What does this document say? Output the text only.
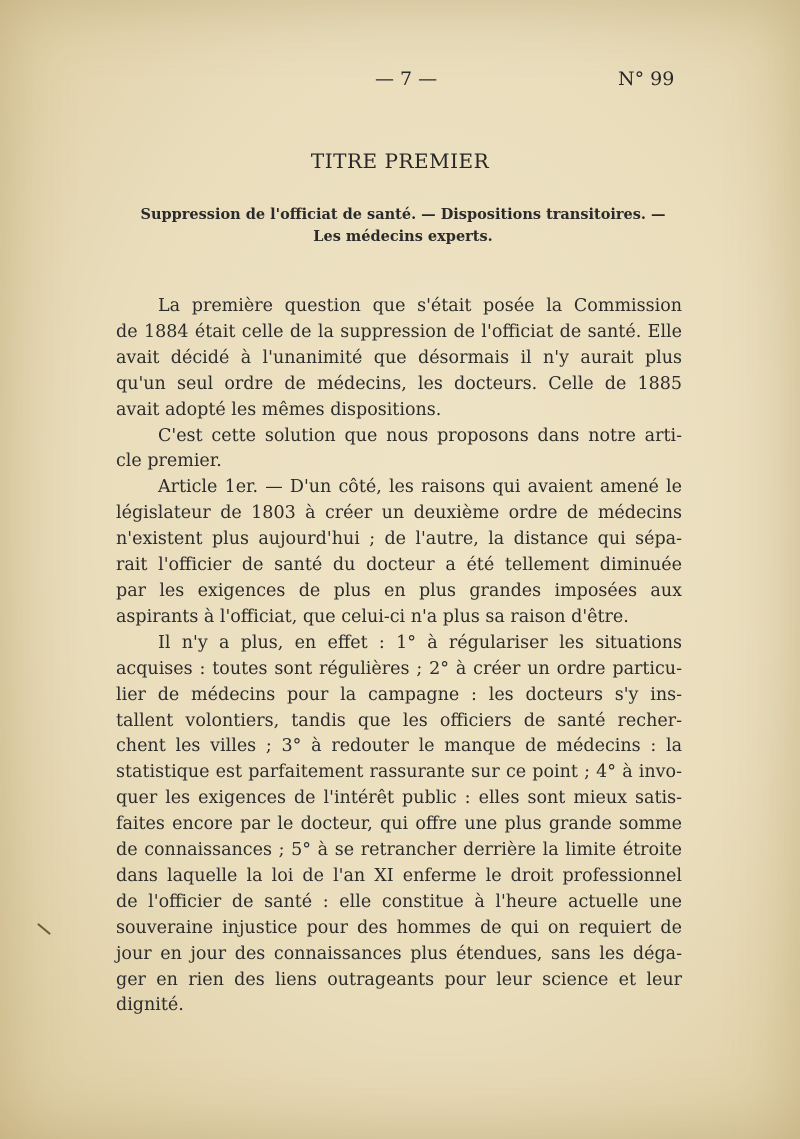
— 7 —	N° 99
TITRE PREMIER
Suppression de l'officiat de santé. — Dispositions transitoires. —
Les médecins experts.
La première question que s'était posée la Commission
de 1884 était celle de la suppression de l'officiat de santé. Elle
avait décidé à l'unanimité que désormais il n'y aurait plus
qu'un seul ordre de médecins, les docteurs. Celle de 1885
avait adopté les mêmes dispositions.
C'est cette solution que nous proposons dans notre arti-
cle premier.
Article 1er. — D'un côté, les raisons qui avaient amené le
législateur de 1803 à créer un deuxième ordre de médecins
n'existent plus aujourd'hui ; de l'autre, la distance qui sépa-
rait l'officier de santé du docteur a été tellement diminuée
par les exigences de plus en plus grandes imposées aux
aspirants à l'officiat, que celui-ci n'a plus sa raison d'être.
Il n'y a plus, en effet : 1° à régulariser les situations
acquises : toutes sont régulières ; 2° à créer un ordre particu-
lier de médecins pour la campagne : les docteurs s'y ins-
tallent volontiers, tandis que les officiers de santé recher-
chent les villes ; 3° à redouter le manque de médecins : la
statistique est parfaitement rassurante sur ce point ; 4° à invo-
quer les exigences de l'intérêt public : elles sont mieux satis-
faites encore par le docteur, qui offre une plus grande somme
de connaissances ; 5° à se retrancher derrière la limite étroite
dans laquelle la loi de l'an XI enferme le droit professionnel
de l'officier de santé : elle constitue à l'heure actuelle une
souveraine injustice pour des hommes de qui on requiert de
jour en jour des connaissances plus étendues, sans les déga-
ger en rien des liens outrageants pour leur science et leur
dignité.
